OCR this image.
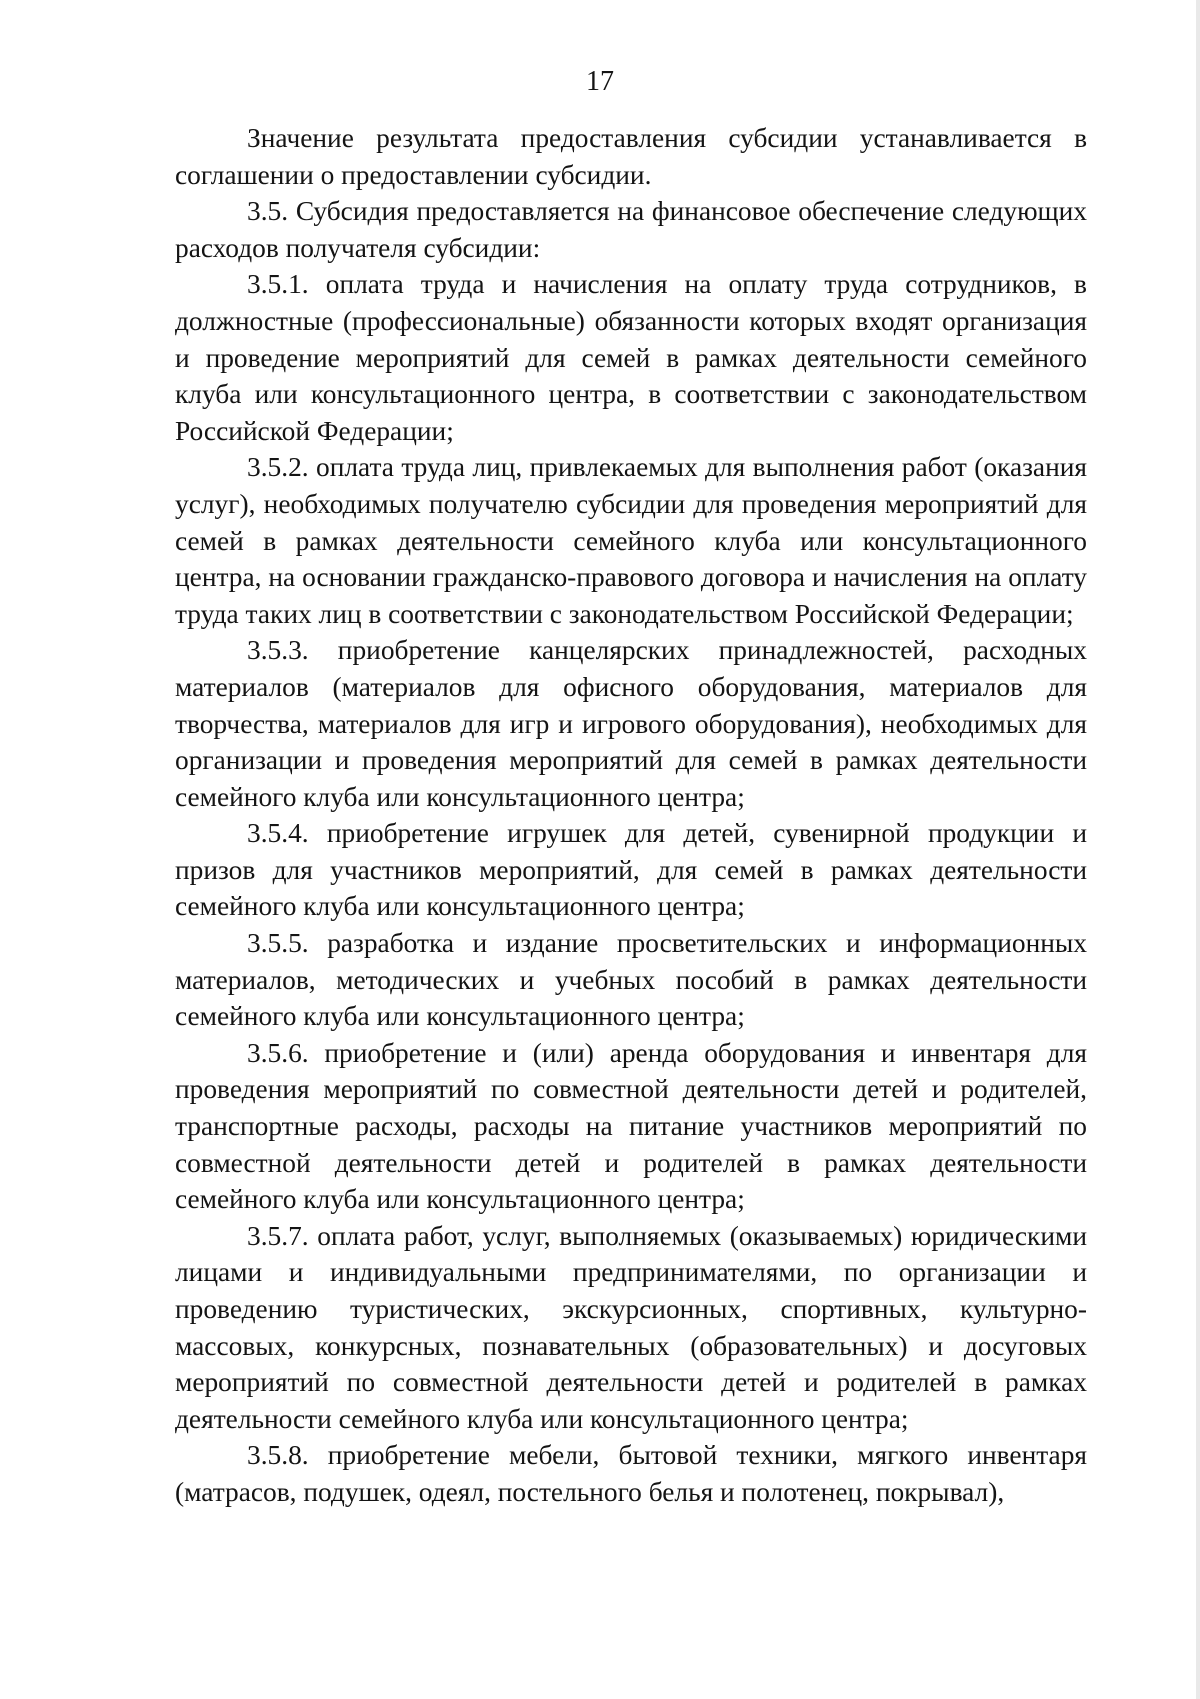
17

Значение результата предоставления субсидии устанавливается в соглашении о предоставлении субсидии.

3.5. Субсидия предоставляется на финансовое обеспечение следующих расходов получателя субсидии:

3.5.1. оплата труда и начисления на оплату труда сотрудников, в должностные (профессиональные) обязанности которых входят организация и проведение мероприятий для семей в рамках деятельности семейного клуба или консультационного центра, в соответствии с законодательством Российской Федерации;

3.5.2. оплата труда лиц, привлекаемых для выполнения работ (оказания услуг), необходимых получателю субсидии для проведения мероприятий для семей в рамках деятельности семейного клуба или консультационного центра, на основании гражданско-правового договора и начисления на оплату труда таких лиц в соответствии с законодательством Российской Федерации;

3.5.3. приобретение канцелярских принадлежностей, расходных материалов (материалов для офисного оборудования, материалов для творчества, материалов для игр и игрового оборудования), необходимых для организации и проведения мероприятий для семей в рамках деятельности семейного клуба или консультационного центра;

3.5.4. приобретение игрушек для детей, сувенирной продукции и призов для участников мероприятий, для семей в рамках деятельности семейного клуба или консультационного центра;

3.5.5. разработка и издание просветительских и информационных материалов, методических и учебных пособий в рамках деятельности семейного клуба или консультационного центра;

3.5.6. приобретение и (или) аренда оборудования и инвентаря для проведения мероприятий по совместной деятельности детей и родителей, транспортные расходы, расходы на питание участников мероприятий по совместной деятельности детей и родителей в рамках деятельности семейного клуба или консультационного центра;

3.5.7. оплата работ, услуг, выполняемых (оказываемых) юридическими лицами и индивидуальными предпринимателями, по организации и проведению туристических, экскурсионных, спортивных, культурно-массовых, конкурсных, познавательных (образовательных) и досуговых мероприятий по совместной деятельности детей и родителей в рамках деятельности семейного клуба или консультационного центра;

3.5.8. приобретение мебели, бытовой техники, мягкого инвентаря (матрасов, подушек, одеял, постельного белья и полотенец, покрывал),
